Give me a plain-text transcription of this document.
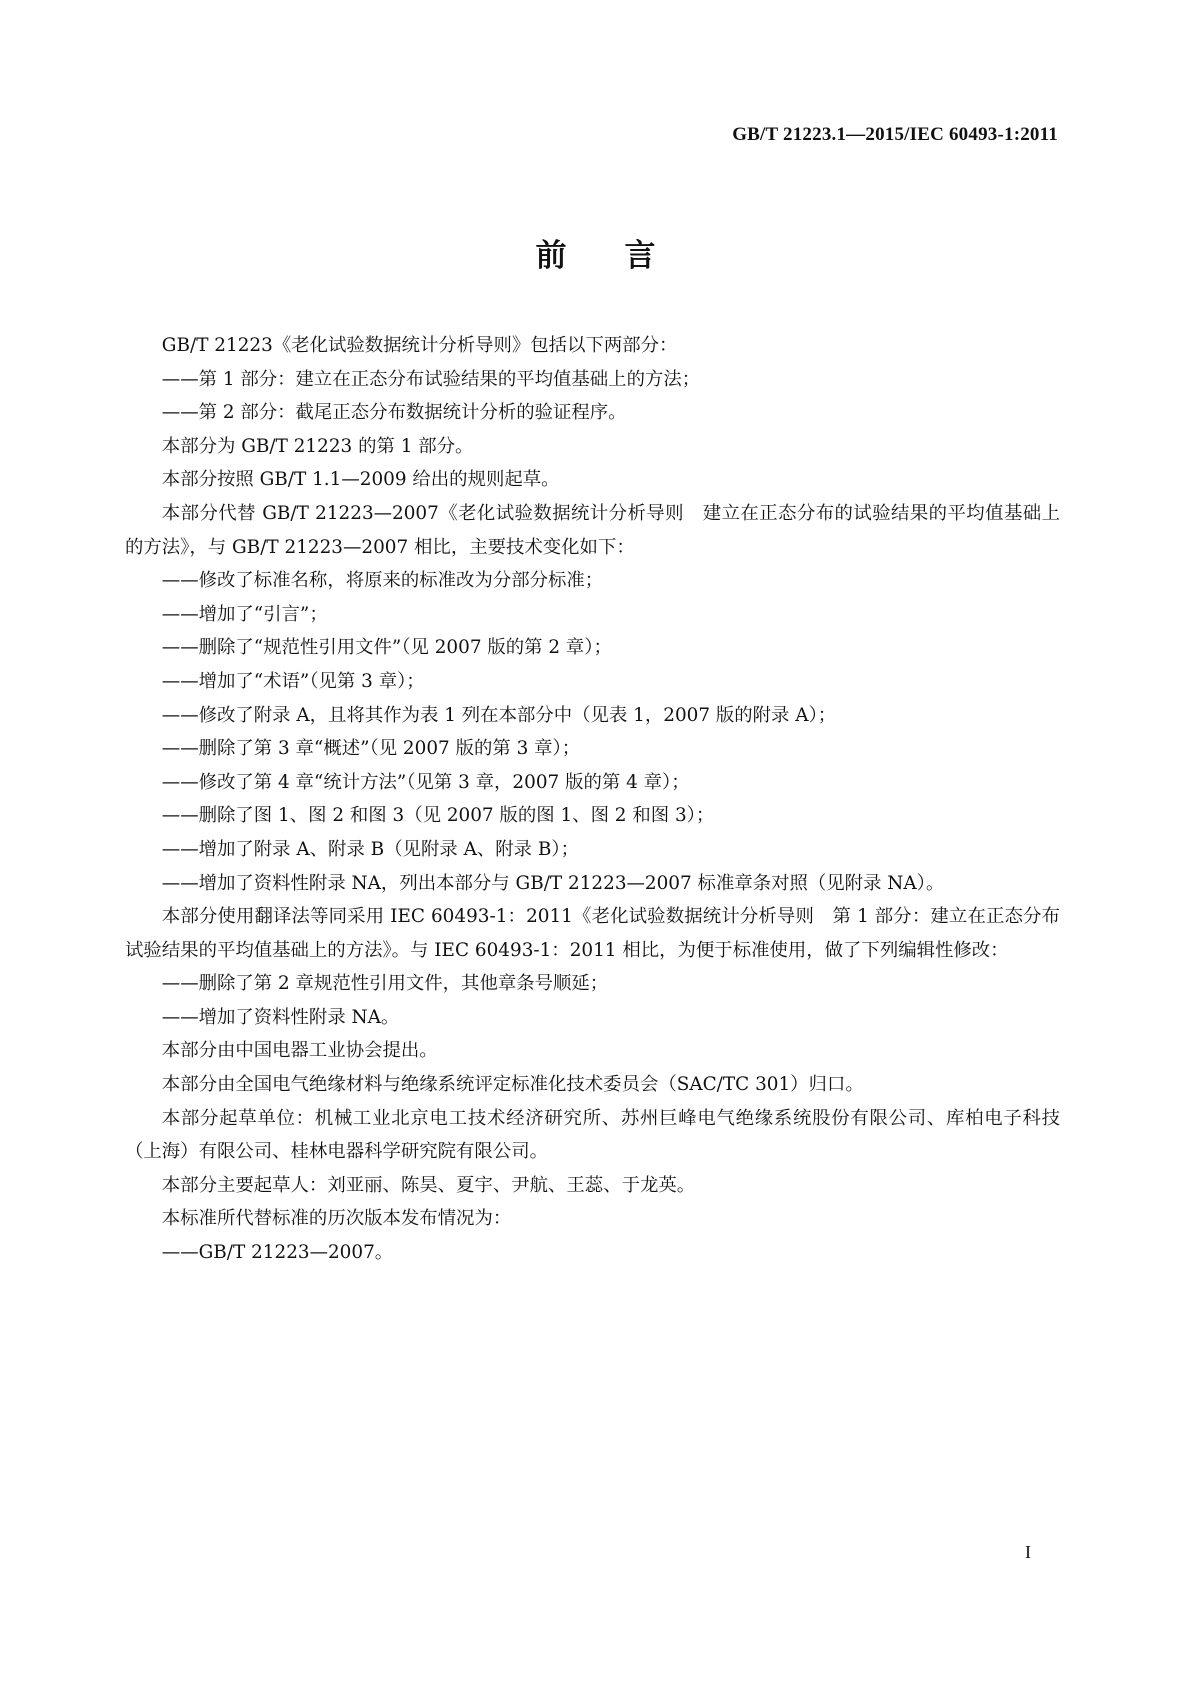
GB/T 21223.1—2015/IEC 60493-1:2011
前言

GB/T 21223《老化试验数据统计分析导则》包括以下两部分：

——第 1 部分：建立在正态分布试验结果的平均值基础上的方法；

——第 2 部分：截尾正态分布数据统计分析的验证程序。

本部分为 GB/T 21223 的第 1 部分。

本部分按照 GB/T 1.1—2009 给出的规则起草。

本部分代替 GB/T 21223—2007《老化试验数据统计分析导则　建立在正态分布的试验结果的平均值基础上的方法》，与 GB/T 21223—2007 相比，主要技术变化如下：

——修改了标准名称，将原来的标准改为分部分标准；

——增加了“引言”；

——删除了“规范性引用文件”（见 2007 版的第 2 章）；

——增加了“术语”（见第 3 章）；

——修改了附录 A，且将其作为表 1 列在本部分中（见表 1，2007 版的附录 A）；

——删除了第 3 章“概述”（见 2007 版的第 3 章）；

——修改了第 4 章“统计方法”（见第 3 章，2007 版的第 4 章）；

——删除了图 1、图 2 和图 3（见 2007 版的图 1、图 2 和图 3）；

——增加了附录 A、附录 B（见附录 A、附录 B）；

——增加了资料性附录 NA，列出本部分与 GB/T 21223—2007 标准章条对照（见附录 NA）。

本部分使用翻译法等同采用 IEC 60493-1：2011《老化试验数据统计分析导则　第 1 部分：建立在正态分布试验结果的平均值基础上的方法》。与 IEC 60493-1：2011 相比，为便于标准使用，做了下列编辑性修改：

——删除了第 2 章规范性引用文件，其他章条号顺延；

——增加了资料性附录 NA。

本部分由中国电器工业协会提出。

本部分由全国电气绝缘材料与绝缘系统评定标准化技术委员会（SAC/TC 301）归口。

本部分起草单位：机械工业北京电工技术经济研究所、苏州巨峰电气绝缘系统股份有限公司、库柏电子科技（上海）有限公司、桂林电器科学研究院有限公司。

本部分主要起草人：刘亚丽、陈昊、夏宇、尹航、王蕊、于龙英。

本标准所代替标准的历次版本发布情况为：

——GB/T 21223—2007。

I
